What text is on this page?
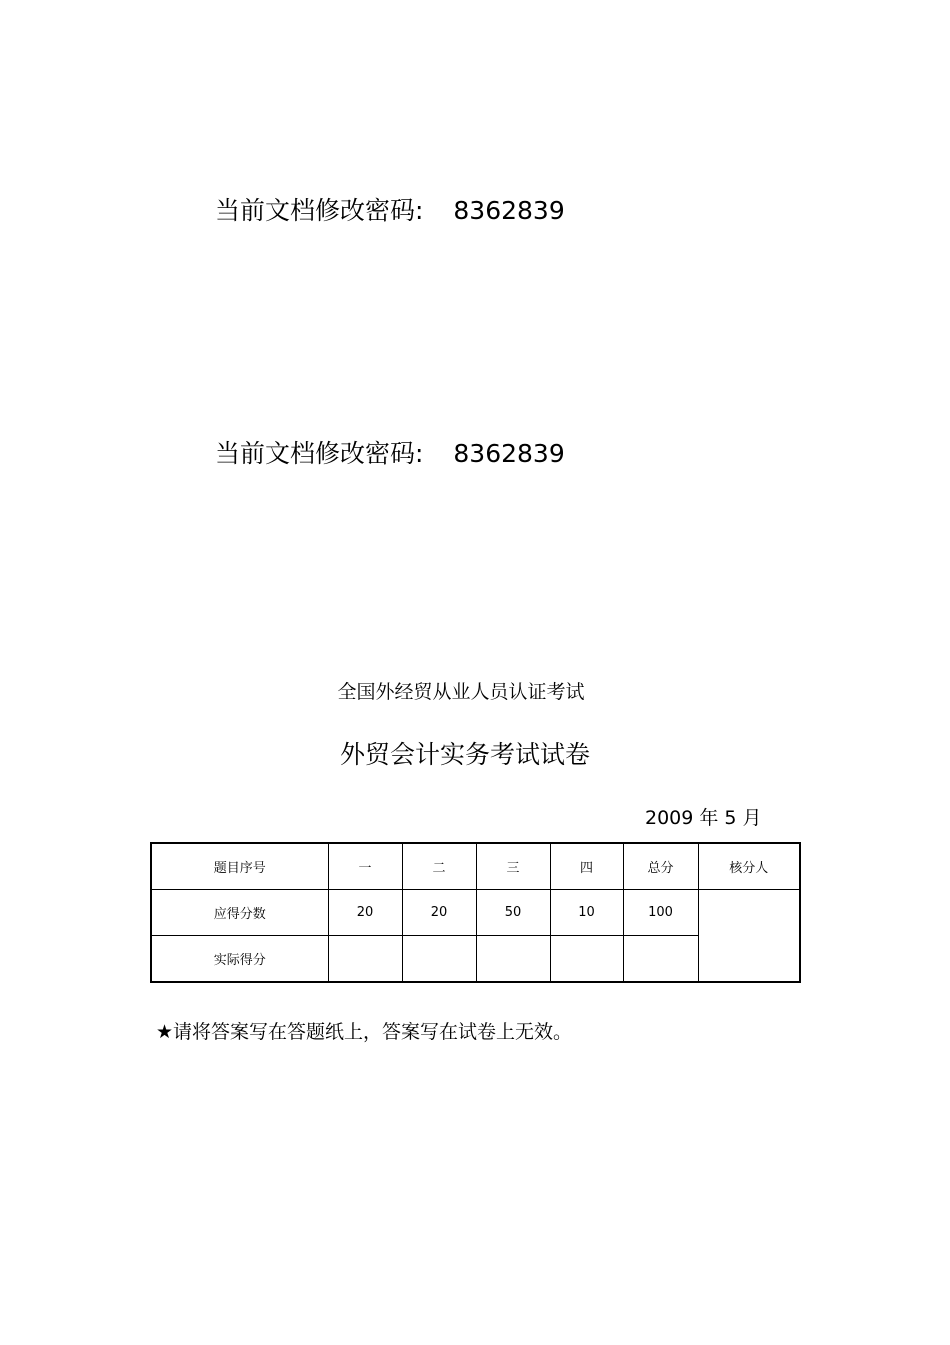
当前文档修改密码: 8362839
当前文档修改密码: 8362839
全国外经贸从业人员认证考试
外贸会计实务考试试卷
2009 年 5 月
题目序号	一	二	三	四	总分	核分人
应得分数	20	20	50	10	100	
实际得分						
★请将答案写在答题纸上，答案写在试卷上无效。
